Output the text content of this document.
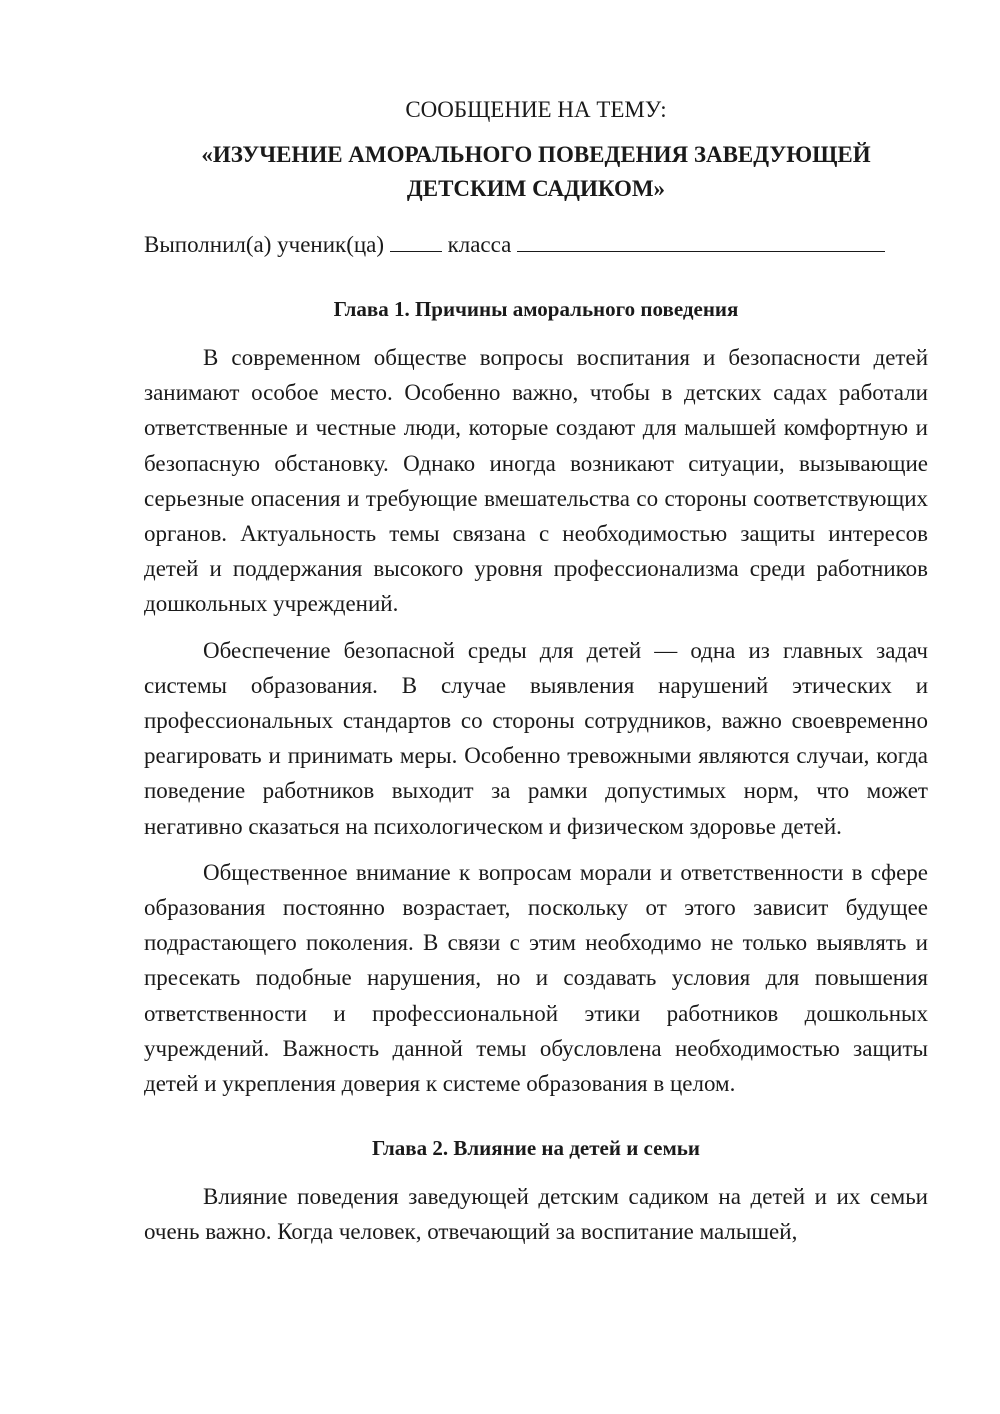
СООБЩЕНИЕ НА ТЕМУ:

«ИЗУЧЕНИЕ АМОРАЛЬНОГО ПОВЕДЕНИЯ ЗАВЕДУЮЩЕЙ ДЕТСКИМ САДИКОМ»

Выполнил(а) ученик(ца)	класса

Глава 1. Причины аморального поведения

В современном обществе вопросы воспитания и безопасности детей занимают особое место. Особенно важно, чтобы в детских садах работали ответственные и честные люди, которые создают для малышей комфортную и безопасную обстановку. Однако иногда возникают ситуации, вызывающие серьезные опасения и требующие вмешательства со стороны соответствующих органов. Актуальность темы связана с необходимостью защиты интересов детей и поддержания высокого уровня профессионализма среди работников дошкольных учреждений.

Обеспечение безопасной среды для детей — одна из главных задач системы образования. В случае выявления нарушений этических и профессиональных стандартов со стороны сотрудников, важно своевременно реагировать и принимать меры. Особенно тревожными являются случаи, когда поведение работников выходит за рамки допустимых норм, что может негативно сказаться на психологическом и физическом здоровье детей.

Общественное внимание к вопросам морали и ответственности в сфере образования постоянно возрастает, поскольку от этого зависит будущее подрастающего поколения. В связи с этим необходимо не только выявлять и пресекать подобные нарушения, но и создавать условия для повышения ответственности и профессиональной этики работников дошкольных учреждений. Важность данной темы обусловлена необходимостью защиты детей и укрепления доверия к системе образования в целом.

Глава 2. Влияние на детей и семьи

Влияние поведения заведующей детским садиком на детей и их семьи очень важно. Когда человек, отвечающий за воспитание малышей,
